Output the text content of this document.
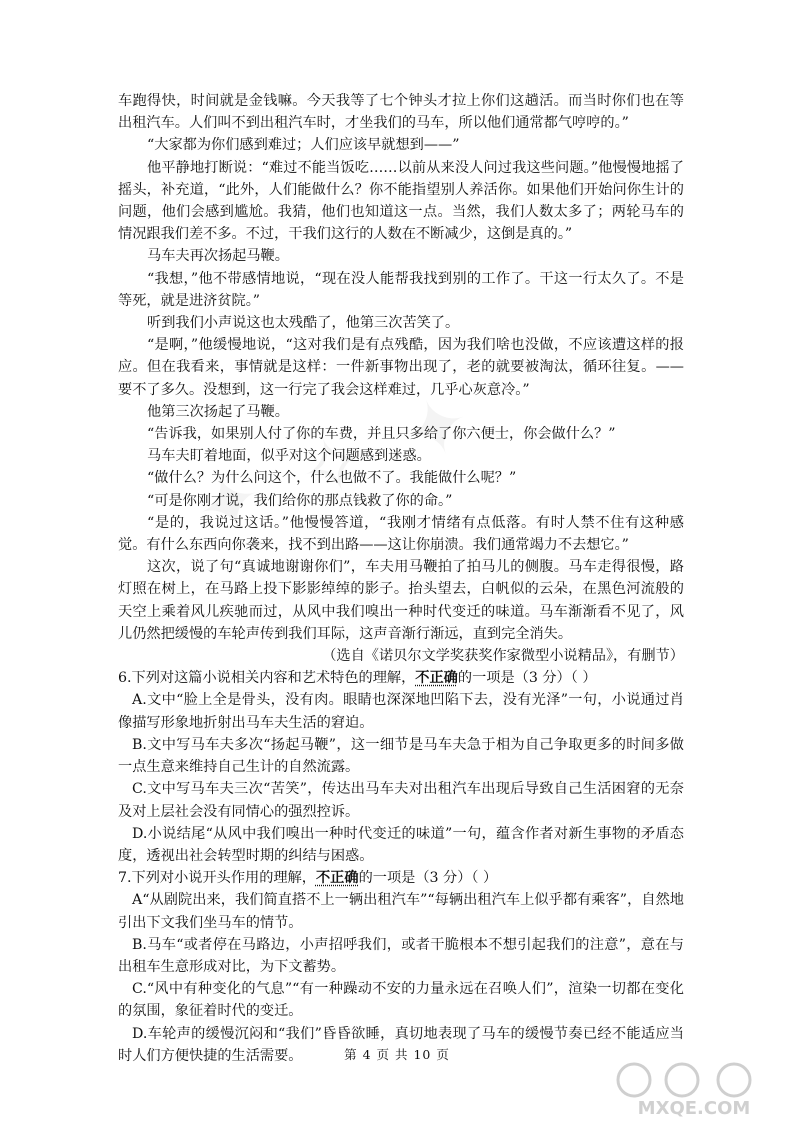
车跑得快，时间就是金钱嘛。今天我等了七个钟头才拉上你们这趟活。而当时你们也在等出租汽车。人们叫不到出租汽车时，才坐我们的马车，所以他们通常都气哼哼的。”

“大家都为你们感到难过；人们应该早就想到——”

他平静地打断说：“难过不能当饭吃……以前从来没人问过我这些问题。”他慢慢地摇了摇头，补充道，“此外，人们能做什么？你不能指望别人养活你。如果他们开始问你生计的问题，他们会感到尴尬。我猜，他们也知道这一点。当然，我们人数太多了；两轮马车的情况跟我们差不多。不过，干我们这行的人数在不断减少，这倒是真的。”

马车夫再次扬起马鞭。

“我想，”他不带感情地说，“现在没人能帮我找到别的工作了。干这一行太久了。不是等死，就是进济贫院。”

听到我们小声说这也太残酷了，他第三次苦笑了。

“是啊，”他缓慢地说，“这对我们是有点残酷，因为我们啥也没做，不应该遭这样的报应。但在我看来，事情就是这样：一件新事物出现了，老的就要被淘汰，循环往复。——要不了多久。没想到，这一行完了我会这样难过，几乎心灰意冷。”

他第三次扬起了马鞭。

“告诉我，如果别人付了你的车费，并且只多给了你六便士，你会做什么？”

马车夫盯着地面，似乎对这个问题感到迷惑。

“做什么？为什么问这个，什么也做不了。我能做什么呢？”

“可是你刚才说，我们给你的那点钱救了你的命。”

“是的，我说过这话。”他慢慢答道，“我刚才情绪有点低落。有时人禁不住有这种感觉。有什么东西向你袭来，找不到出路——这让你崩溃。我们通常竭力不去想它。”

这次，说了句“真诚地谢谢你们”，车夫用马鞭拍了拍马儿的侧腹。马车走得很慢，路灯照在树上，在马路上投下影影绰绰的影子。抬头望去，白帆似的云朵，在黑色河流般的天空上乘着风儿疾驰而过，从风中我们嗅出一种时代变迁的味道。马车渐渐看不见了，风儿仍然把缓慢的车轮声传到我们耳际，这声音渐行渐远，直到完全消失。

（选自《诺贝尔文学奖获奖作家微型小说精品》，有删节）

6.下列对这篇小说相关内容和艺术特色的理解，不正确的一项是（3 分）（ ）

A.文中“脸上全是骨头，没有肉。眼睛也深深地凹陷下去，没有光泽”一句，小说通过肖像描写形象地折射出马车夫生活的窘迫。

B.文中写马车夫多次“扬起马鞭”，这一细节是马车夫急于相为自己争取更多的时间多做一点生意来维持自己生计的自然流露。

C.文中写马车夫三次“苦笑”，传达出马车夫对出租汽车出现后导致自己生活困窘的无奈及对上层社会没有同情心的强烈控诉。

D.小说结尾“从风中我们嗅出一种时代变迁的味道”一句，蕴含作者对新生事物的矛盾态度，透视出社会转型时期的纠结与困惑。

7.下列对小说开头作用的理解，不正确的一项是（3 分）（ ）

A“从剧院出来，我们简直搭不上一辆出租汽车”“每辆出租汽车上似乎都有乘客”，自然地引出下文我们坐马车的情节。

B.马车“或者停在马路边，小声招呼我们，或者干脆根本不想引起我们的注意”，意在与出租车生意形成对比，为下文蓄势。

C.“风中有种变化的气息”“有一种躁动不安的力量永远在召唤人们”，渲染一切都在变化的氛围，象征着时代的变迁。

D.车轮声的缓慢沉闷和“我们”昏昏欲睡，真切地表现了马车的缓慢节奏已经不能适应当时人们方便快捷的生活需要。	第 4 页 共 10 页
MXQE.COM
